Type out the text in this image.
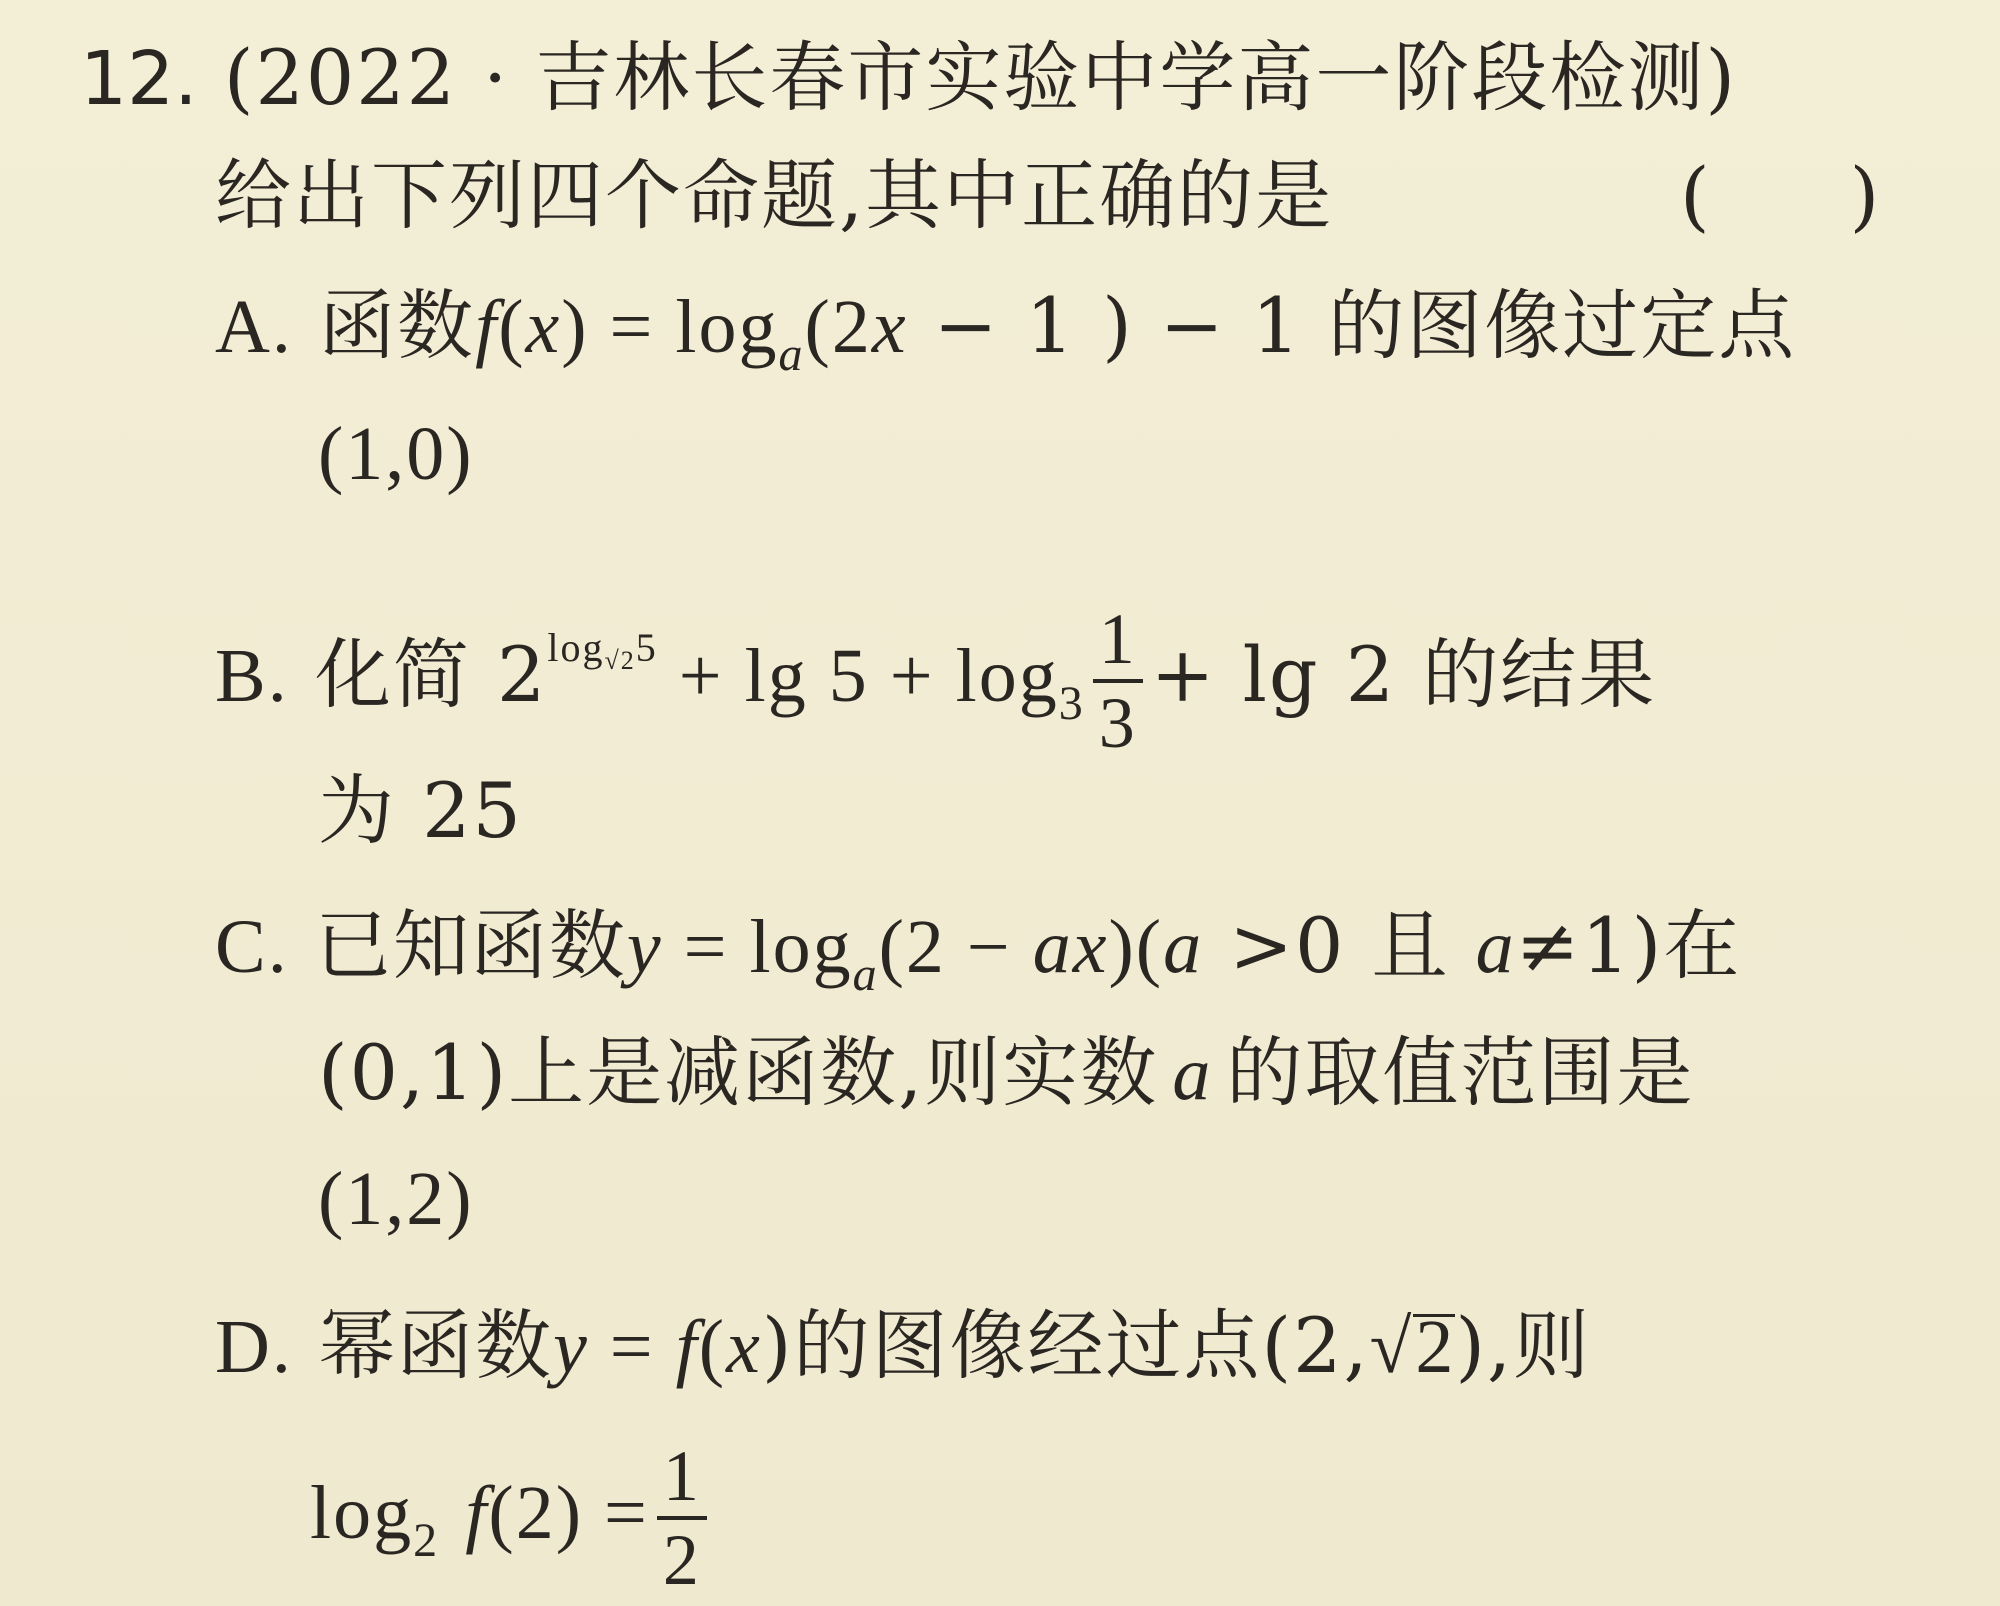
12. (2022 · 吉林长春市实验中学高一阶段检测)
给出下列四个命题,其中正确的是	( )
A. 函数$f(x) = \log_a(2x - 1$ ) − 1 的图像过定点
(1,0)
B. 化简 $2\log_{√2}5 + \lg 5 + \log_3 \frac{1}{3} + \lg 2$ 的结果
为 25
C. 已知函数$y = \log_a(2 - ax)(a >0$ 且 a≠1)在
(0,1)上是减函数,则实数 a 的取值范围是
(1,2)
D. 幂函数y = f(x)的图像经过点(2,√2),则
$\log_2 f(2) = \frac{1}{2}$
